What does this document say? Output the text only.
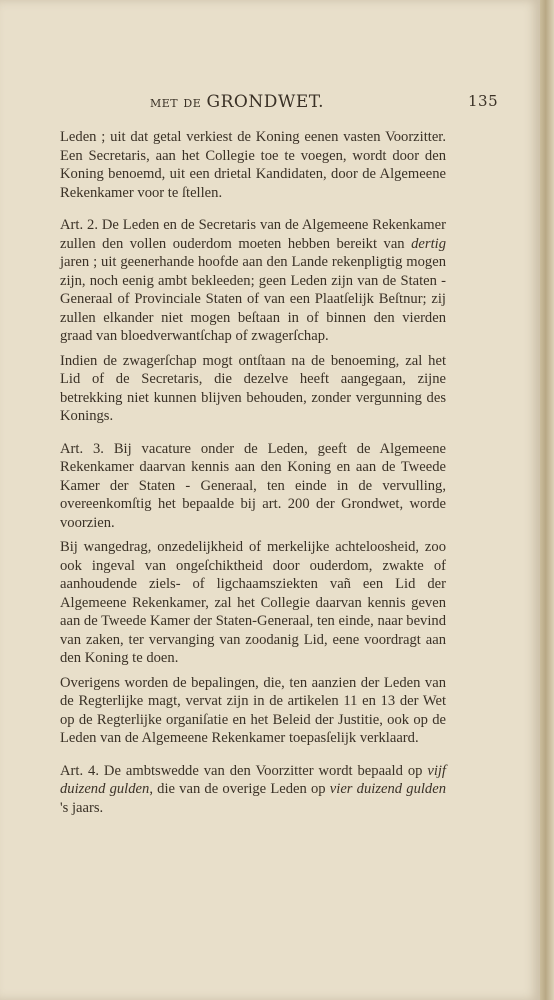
met de GRONDWET.	135

Leden ; uit dat getal verkiest de Koning eenen vasten Voorzitter. Een Secretaris, aan het Collegie toe te voegen, wordt door den Koning benoemd, uit een drietal Kandidaten, door de Algemeene Rekenkamer voor te ſtellen.

Art. 2. De Leden en de Secretaris van de Algemeene Rekenkamer zullen den vollen ouderdom moeten hebben bereikt van dertig jaren ; uit geenerhande hoofde aan den Lande rekenpligtig mogen zijn, noch eenig ambt bekleeden; geen Leden zijn van de Staten - Generaal of Provinciale Staten of van een Plaatſelijk Beſtnur; zij zullen elkander niet mogen beſtaan in of binnen den vierden graad van bloedverwantſchap of zwagerſchap.

Indien de zwagerſchap mogt ontſtaan na de benoeming, zal het Lid of de Secretaris, die dezelve heeft aangegaan, zijne betrekking niet kunnen blijven behouden, zonder vergunning des Konings.

Art. 3. Bij vacature onder de Leden, geeft de Algemeene Rekenkamer daarvan kennis aan den Koning en aan de Tweede Kamer der Staten - Generaal, ten einde in de vervulling, overeenkomſtig het bepaalde bij art. 200 der Grondwet, worde voorzien.

Bij wangedrag, onzedelijkheid of merkelijke achteloosheid, zoo ook ingeval van ongeſchiktheid door ouderdom, zwakte of aanhoudende ziels- of ligchaamsziekten vañ een Lid der Algemeene Rekenkamer, zal het Collegie daarvan kennis geven aan de Tweede Kamer der Staten-Generaal, ten einde, naar bevind van zaken, ter vervanging van zoodanig Lid, eene voordragt aan den Koning te doen.

Overigens worden de bepalingen, die, ten aanzien der Leden van de Regterlijke magt, vervat zijn in de artikelen 11 en 13 der Wet op de Regterlijke organiſatie en het Beleid der Justitie, ook op de Leden van de Algemeene Rekenkamer toepasſelijk verklaard.

Art. 4. De ambtswedde van den Voorzitter wordt bepaald op vijf duizend gulden, die van de overige Leden op vier duizend gulden 's jaars.
